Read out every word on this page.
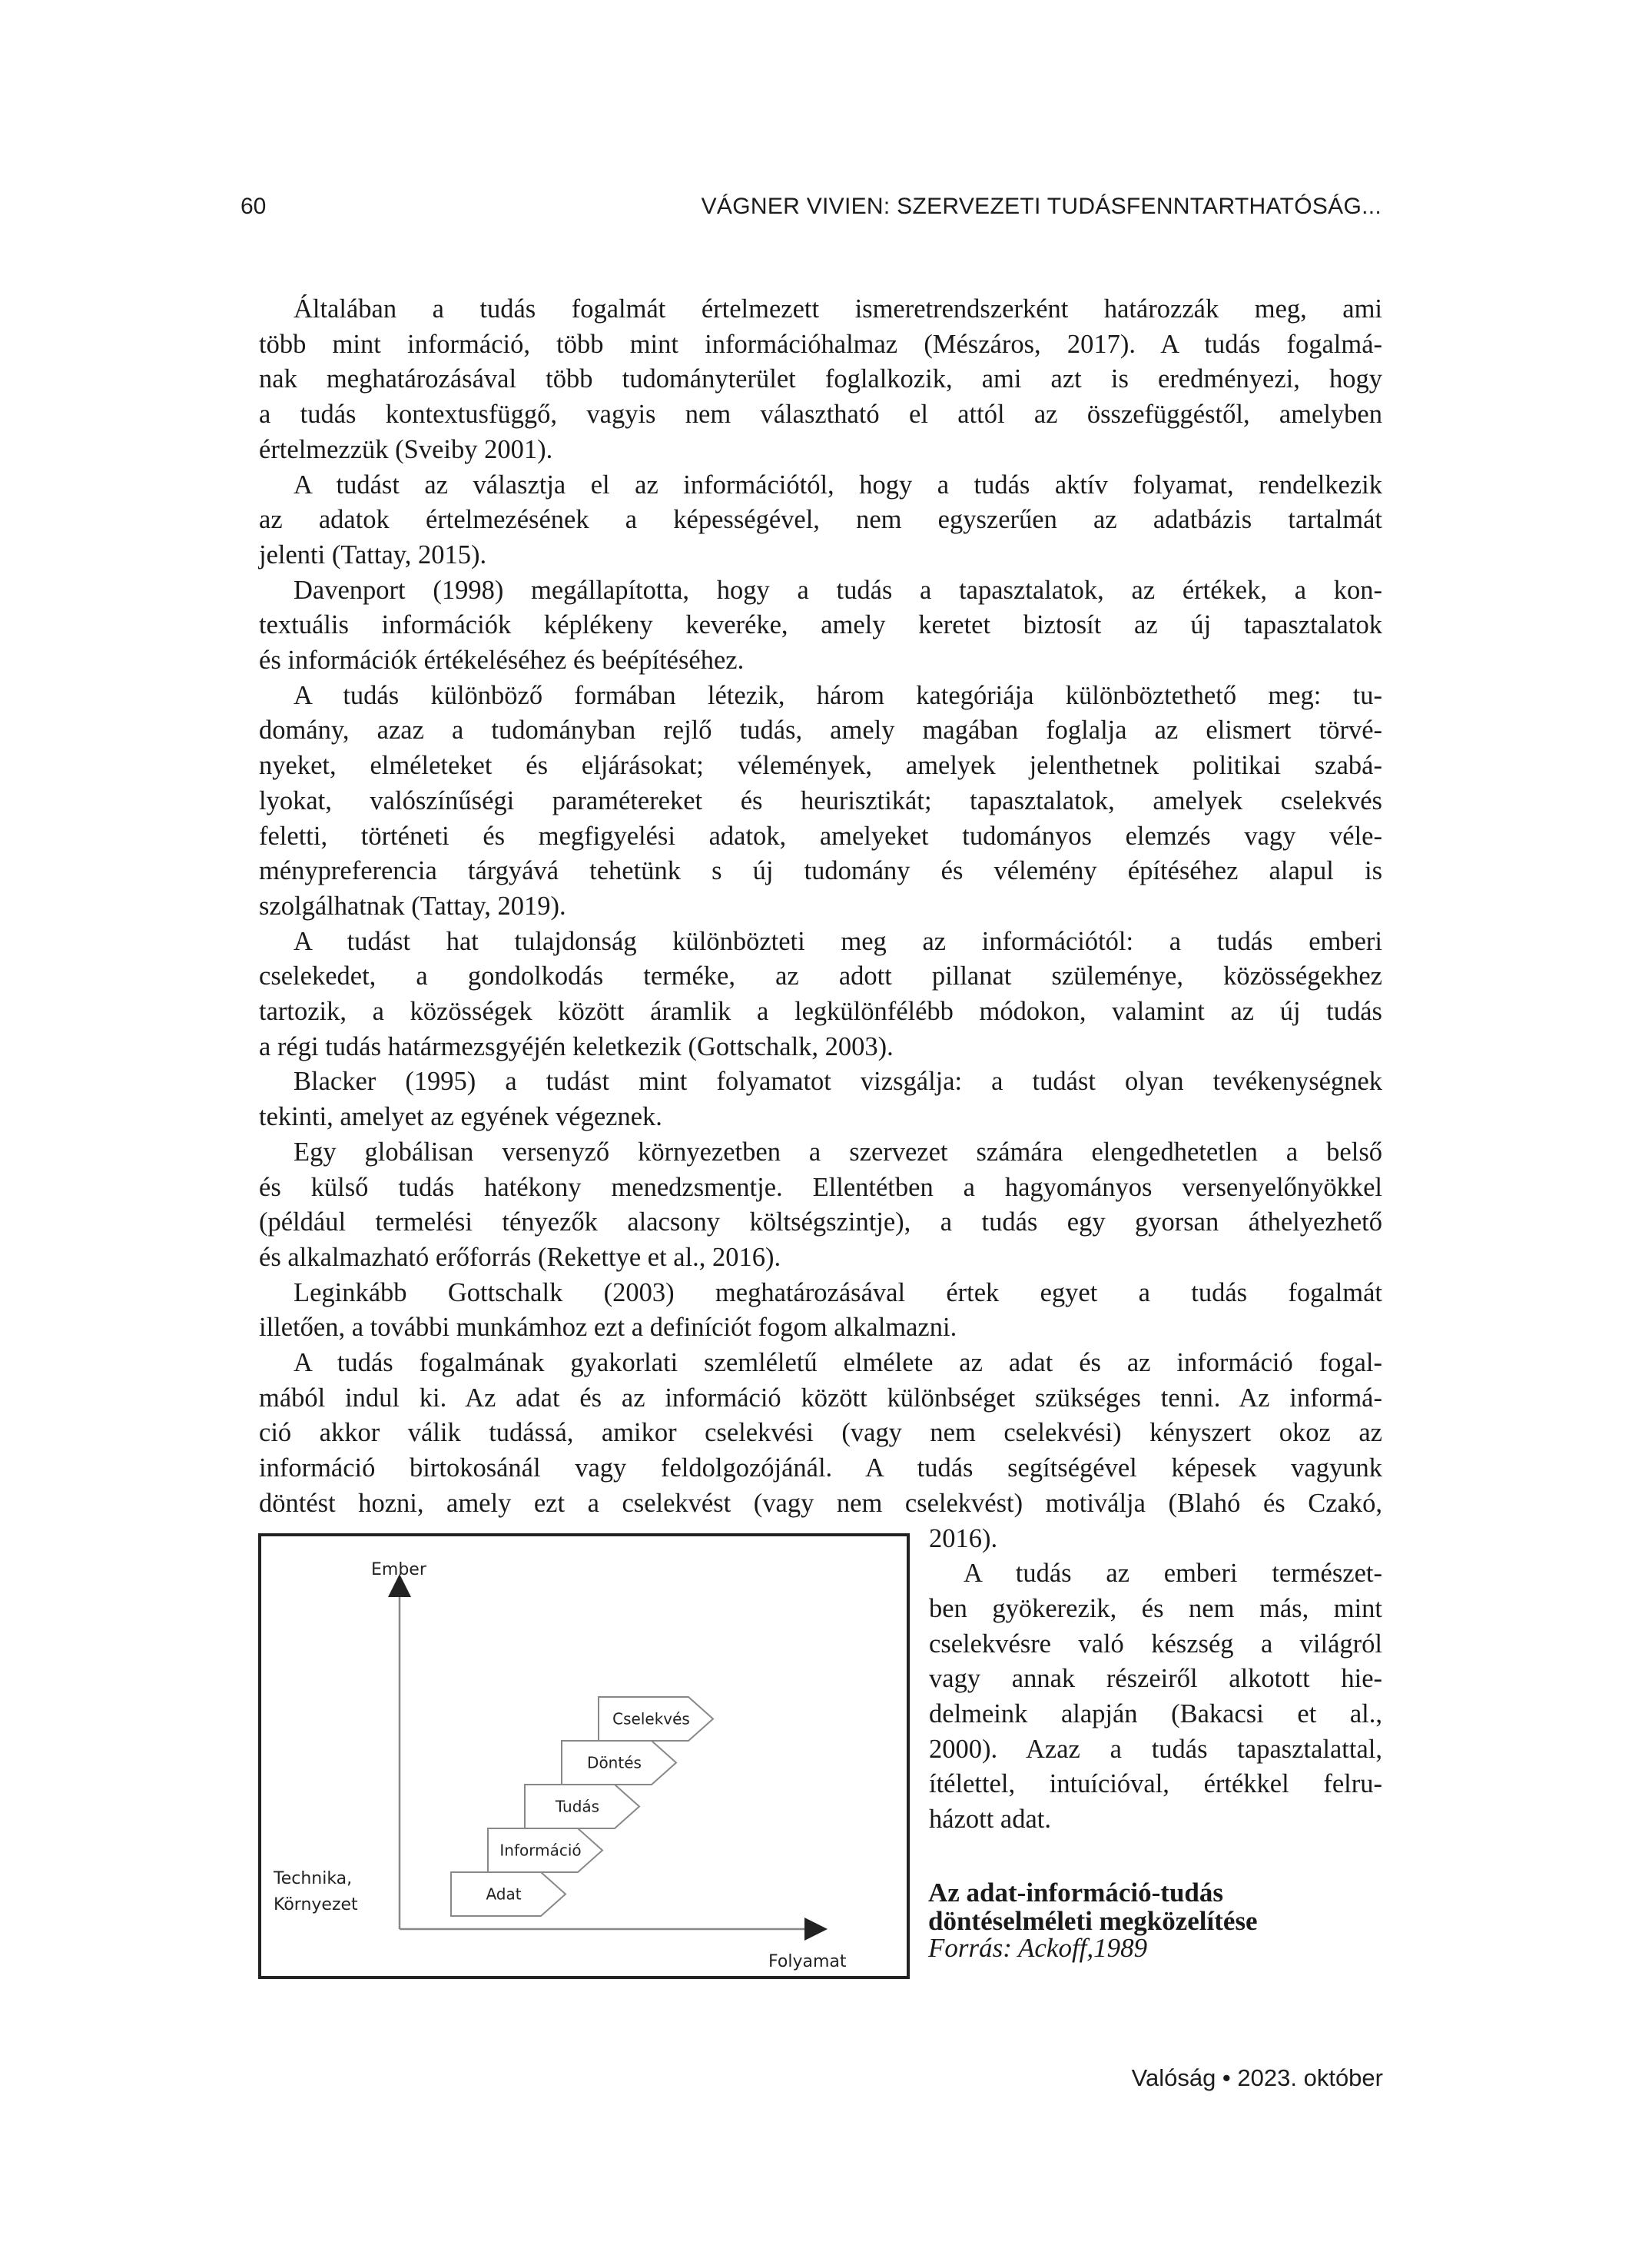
60	VÁGNER VIVIEN: SZERVEZETI TUDÁSFENNTARTHATÓSÁG...
Általában a tudás fogalmát értelmezett ismeretrendszerként határozzák meg, ami
több mint információ, több mint információhalmaz (Mészáros, 2017). A tudás fogalmá-
nak meghatározásával több tudományterület foglalkozik, ami azt is eredményezi, hogy
a tudás kontextusfüggő, vagyis nem választható el attól az összefüggéstől, amelyben
értelmezzük (Sveiby 2001).
A tudást az választja el az információtól, hogy a tudás aktív folyamat, rendelkezik
az adatok értelmezésének a képességével, nem egyszerűen az adatbázis tartalmát
jelenti (Tattay, 2015).
Davenport (1998) megállapította, hogy a tudás a tapasztalatok, az értékek, a kon-
textuális információk képlékeny keveréke, amely keretet biztosít az új tapasztalatok
és információk értékeléséhez és beépítéséhez.
A tudás különböző formában létezik, három kategóriája különböztethető meg: tu-
domány, azaz a tudományban rejlő tudás, amely magában foglalja az elismert törvé-
nyeket, elméleteket és eljárásokat; vélemények, amelyek jelenthetnek politikai szabá-
lyokat, valószínűségi paramétereket és heurisztikát; tapasztalatok, amelyek cselekvés
feletti, történeti és megfigyelési adatok, amelyeket tudományos elemzés vagy véle-
ménypreferencia tárgyává tehetünk s új tudomány és vélemény építéséhez alapul is
szolgálhatnak (Tattay, 2019).
A tudást hat tulajdonság különbözteti meg az információtól: a tudás emberi
cselekedet, a gondolkodás terméke, az adott pillanat szüleménye, közösségekhez
tartozik, a közösségek között áramlik a legkülönfélébb módokon, valamint az új tudás
a régi tudás határmezsgyéjén keletkezik (Gottschalk, 2003).
Blacker (1995) a tudást mint folyamatot vizsgálja: a tudást olyan tevékenységnek
tekinti, amelyet az egyének végeznek.
Egy globálisan versenyző környezetben a szervezet számára elengedhetetlen a belső
és külső tudás hatékony menedzsmentje. Ellentétben a hagyományos versenyelőnyökkel
(például termelési tényezők alacsony költségszintje), a tudás egy gyorsan áthelyezhető
és alkalmazható erőforrás (Rekettye et al., 2016).
Leginkább Gottschalk (2003) meghatározásával értek egyet a tudás fogalmát
illetően, a további munkámhoz ezt a definíciót fogom alkalmazni.
A tudás fogalmának gyakorlati szemléletű elmélete az adat és az információ fogal-
mából indul ki. Az adat és az információ között különbséget szükséges tenni. Az informá-
ció akkor válik tudássá, amikor cselekvési (vagy nem cselekvési) kényszert okoz az
információ birtokosánál vagy feldolgozójánál. A tudás segítségével képesek vagyunk
döntést hozni, amely ezt a cselekvést (vagy nem cselekvést) motiválja (Blahó és Czakó,
2016).
A tudás az emberi természet-
ben gyökerezik, és nem más, mint
cselekvésre való készség a világról
vagy annak részeiről alkotott hie-
delmeink alapján (Bakacsi et al.,
2000). Azaz a tudás tapasztalattal,
ítélettel, intuícióval, értékkel felru-
házott adat.
Ember
Folyamat
Technika,
Környezet
Adat
Információ
Tudás
Döntés
Cselekvés
Az adat-információ-tudás
döntéselméleti megközelítése
Forrás: Ackoff,1989
Valóság • 2023. október
